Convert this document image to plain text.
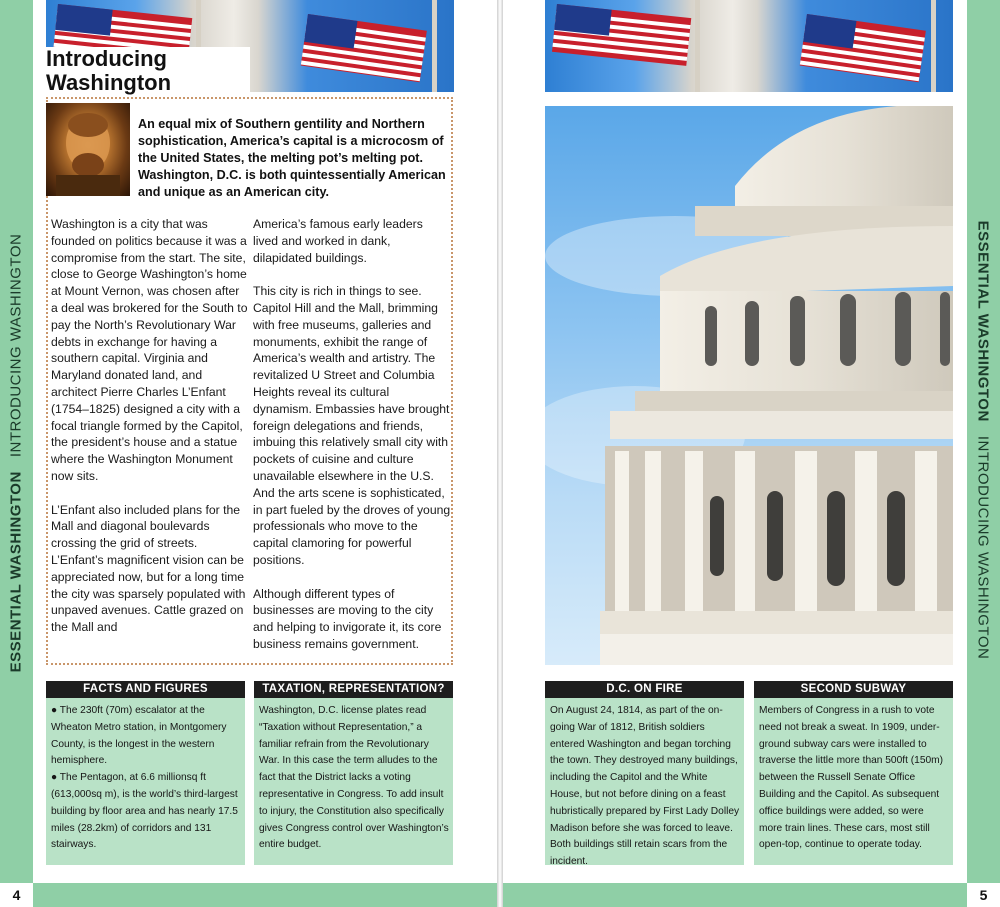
4	5
ESSENTIAL WASHINGTON   INTRODUCING WASHINGTON	ESSENTIAL WASHINGTON   INTRODUCING WASHINGTON
Introducing
Washington
An equal mix of Southern gentility and Northern sophistication, America’s capital is a microcosm of the United States, the melting pot’s melting pot. Washington, D.C. is both quintessentially American and unique as an American city.

Washington is a city that was founded on politics because it was a compromise from the start. The site, close to George Washington’s home at Mount Vernon, was chosen after a deal was brokered for the South to pay the North’s Revolutionary War debts in exchange for having a southern capital. Virginia and Maryland donated land, and architect Pierre Charles L’Enfant (1754–1825) designed a city with a focal triangle formed by the Capitol, the president’s house and a statue where the Washington Monument now sits.

L’Enfant also included plans for the Mall and diagonal boulevards crossing the grid of streets. L’Enfant’s magnificent vision can be appreciated now, but for a long time the city was sparsely populated with unpaved avenues. Cattle grazed on the Mall and

America’s famous early leaders lived and worked in dank, dilapidated buildings.

This city is rich in things to see. Capitol Hill and the Mall, brimming with free museums, galleries and monuments, exhibit the range of America’s wealth and artistry. The revitalized U Street and Columbia Heights reveal its cultural dynamism. Embassies have brought foreign delegations and friends, imbuing this relatively small city with pockets of cuisine and culture unavailable elsewhere in the U.S. And the arts scene is sophisticated, in part fueled by the droves of young professionals who move to the capital clamoring for powerful positions.

Although different types of businesses are moving to the city and helping to invigorate it, its core business remains government.

FACTS AND FIGURES

● The 230ft (70m) escalator at the Wheaton Metro station, in Montgomery County, is the longest in the western hemisphere.

● The Pentagon, at 6.6 millionsq ft (613,000sq m), is the world’s third-largest building by floor area and has nearly 17.5 miles (28.2km) of corridors and 131 stairways.

TAXATION, REPRESENTATION?

Washington, D.C. license plates read “Taxation without Representation,” a familiar refrain from the Revolutionary War. In this case the term alludes to the fact that the District lacks a voting representative in Congress. To add insult to injury, the Constitution also specifically gives Congress control over Washington’s entire budget.

D.C. ON FIRE

On August 24, 1814, as part of the on-going War of 1812, British soldiers entered Washington and began torching the town. They destroyed many buildings, including the Capitol and the White House, but not before dining on a feast hubristically prepared by First Lady Dolley Madison before she was forced to leave. Both buildings still retain scars from the incident.

SECOND SUBWAY

Members of Congress in a rush to vote need not break a sweat. In 1909, under-ground subway cars were installed to traverse the little more than 500ft (150m) between the Russell Senate Office Building and the Capitol. As subsequent office buildings were added, so were more train lines. These cars, most still open-top, continue to operate today.
